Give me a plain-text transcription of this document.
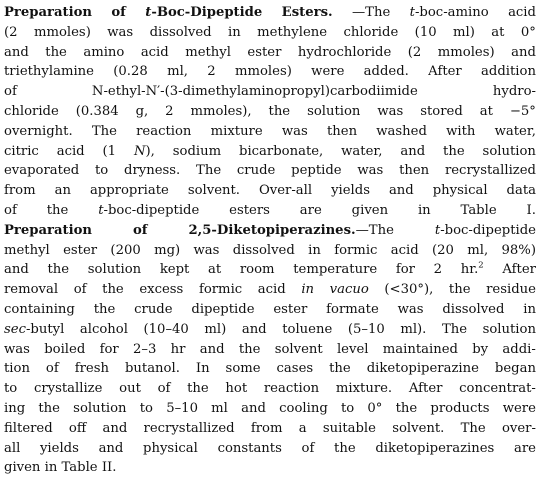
Preparation of t-Boc-Dipeptide Esters. —The t-boc-amino acid
(2 mmoles) was dissolved in methylene chloride (10 ml) at 0°
and the amino acid methyl ester hydrochloride (2 mmoles) and
triethylamine (0.28 ml, 2 mmoles) were added. After addition
of	N-ethyl-N′-(3-dimethylaminopropyl)carbodiimide	hydro-
chloride (0.384 g, 2 mmoles), the solution was stored at −5°
overnight. The reaction mixture was then washed with water,
citric acid (1 N), sodium bicarbonate, water, and the solution
evaporated to dryness. The crude peptide was then recrystallized
from an appropriate solvent. Over-all yields and physical data
of the t-boc-dipeptide esters are given in Table I.
Preparation	of	2,5-Diketopiperazines.—The	t-boc-dipeptide
methyl ester (200 mg) was dissolved in formic acid (20 ml, 98%)
and the solution kept at room temperature for 2 hr.$^2$ After
removal of the excess formic acid in vacuo (<30°), the residue
containing the crude dipeptide ester formate was dissolved in
sec-butyl alcohol (10–40 ml) and toluene (5–10 ml). The solution
was boiled for 2–3 hr and the solvent level maintained by addi-
tion of fresh butanol. In some cases the diketopiperazine began
to crystallize out of the hot reaction mixture. After concentrat-
ing the solution to 5–10 ml and cooling to 0° the products were
filtered off and recrystallized from a suitable solvent. The over-
all yields and physical constants of the diketopiperazines are
given in Table II.
